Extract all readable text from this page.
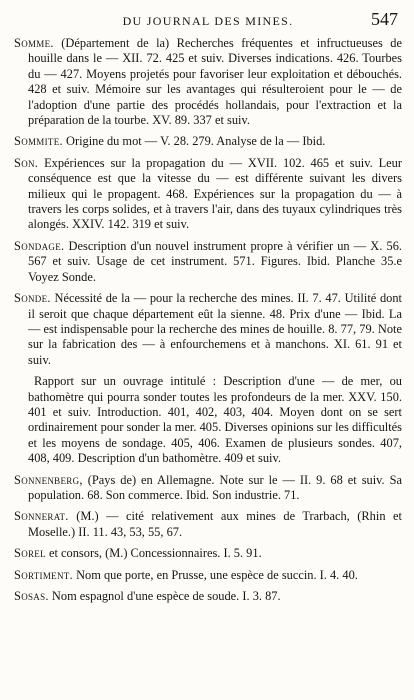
DU JOURNAL DES MINES.	547

Somme. (Département de la) Recherches fréquentes et infructueuses de houille dans le — XII. 72. 425 et suiv. Diverses indications. 426. Tourbes du — 427. Moyens projetés pour favoriser leur exploitation et débouchés. 428 et suiv. Mémoire sur les avantages qui résulteroient pour le — de l'adoption d'une partie des procédés hollandais, pour l'extraction et la préparation de la tourbe. XV. 89. 337 et suiv.

Sommite. Origine du mot — V. 28. 279. Analyse de la — Ibid.

Son. Expériences sur la propagation du — XVII. 102. 465 et suiv. Leur conséquence est que la vitesse du — est différente suivant les divers milieux qui le propagent. 468. Expériences sur la propagation du — à travers les corps solides, et à travers l'air, dans des tuyaux cylindriques très alongés. XXIV. 142. 319 et suiv.

Sondage. Description d'un nouvel instrument propre à vérifier un — X. 56. 567 et suiv. Usage de cet instrument. 571. Figures. Ibid. Planche 35.e Voyez Sonde.

Sonde. Nécessité de la — pour la recherche des mines. II. 7. 47. Utilité dont il seroit que chaque département eût la sienne. 48. Prix d'une — Ibid. La — est indispensable pour la recherche des mines de houille. 8. 77, 79. Note sur la fabrication des — à enfourchemens et à manchons. XI. 61. 91 et suiv.

Rapport sur un ouvrage intitulé : Description d'une — de mer, ou bathomètre qui pourra sonder toutes les profondeurs de la mer. XXV. 150. 401 et suiv. Introduction. 401, 402, 403, 404. Moyen dont on se sert ordinairement pour sonder la mer. 405. Diverses opinions sur les difficultés et les moyens de sondage. 405, 406. Examen de plusieurs sondes. 407, 408, 409. Description d'un bathomètre. 409 et suiv.

Sonnenberg, (Pays de) en Allemagne. Note sur le — II. 9. 68 et suiv. Sa population. 68. Son commerce. Ibid. Son industrie. 71.

Sonnerat. (M.) — cité relativement aux mines de Trarbach, (Rhin et Moselle.) II. 11. 43, 53, 55, 67.

Sorel et consors, (M.) Concessionnaires. I. 5. 91.

Sortiment. Nom que porte, en Prusse, une espèce de succin. I. 4. 40.

Sosas. Nom espagnol d'une espèce de soude. I. 3. 87.
